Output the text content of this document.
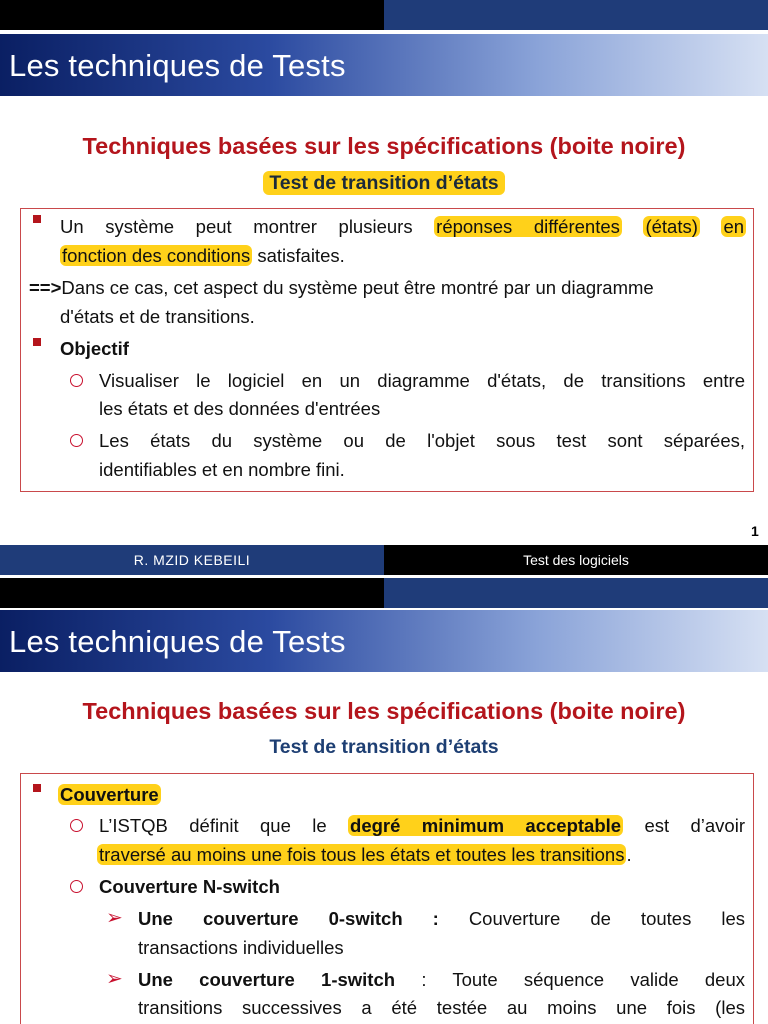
Les techniques de Tests
Techniques basées sur les spécifications (boite noire)
Test de transition d’états
Un système peut montrer plusieurs réponses différentes (états) en
fonction des conditions satisfaites.
==>Dans ce cas, cet aspect du système peut être montré par un diagramme
d'états et de transitions.
Objectif
Visualiser le logiciel en un diagramme d'états, de transitions entre
les états et des données d'entrées
Les états du système ou de l'objet sous test sont séparées,
identifiables et en nombre fini.
1
R. MZID KEBEILI	Test des logiciels
Les techniques de Tests
Techniques basées sur les spécifications (boite noire)
Test de transition d’états
Couverture
L’ISTQB définit que le degré minimum acceptable est d’avoir
traversé au moins une fois tous les états et toutes les transitions .
Couverture N-switch
➢ Une couverture 0-switch : Couverture de toutes les
transactions individuelles
➢ Une couverture 1-switch : Toute séquence valide deux
transitions successives a été testée au moins une fois (les
